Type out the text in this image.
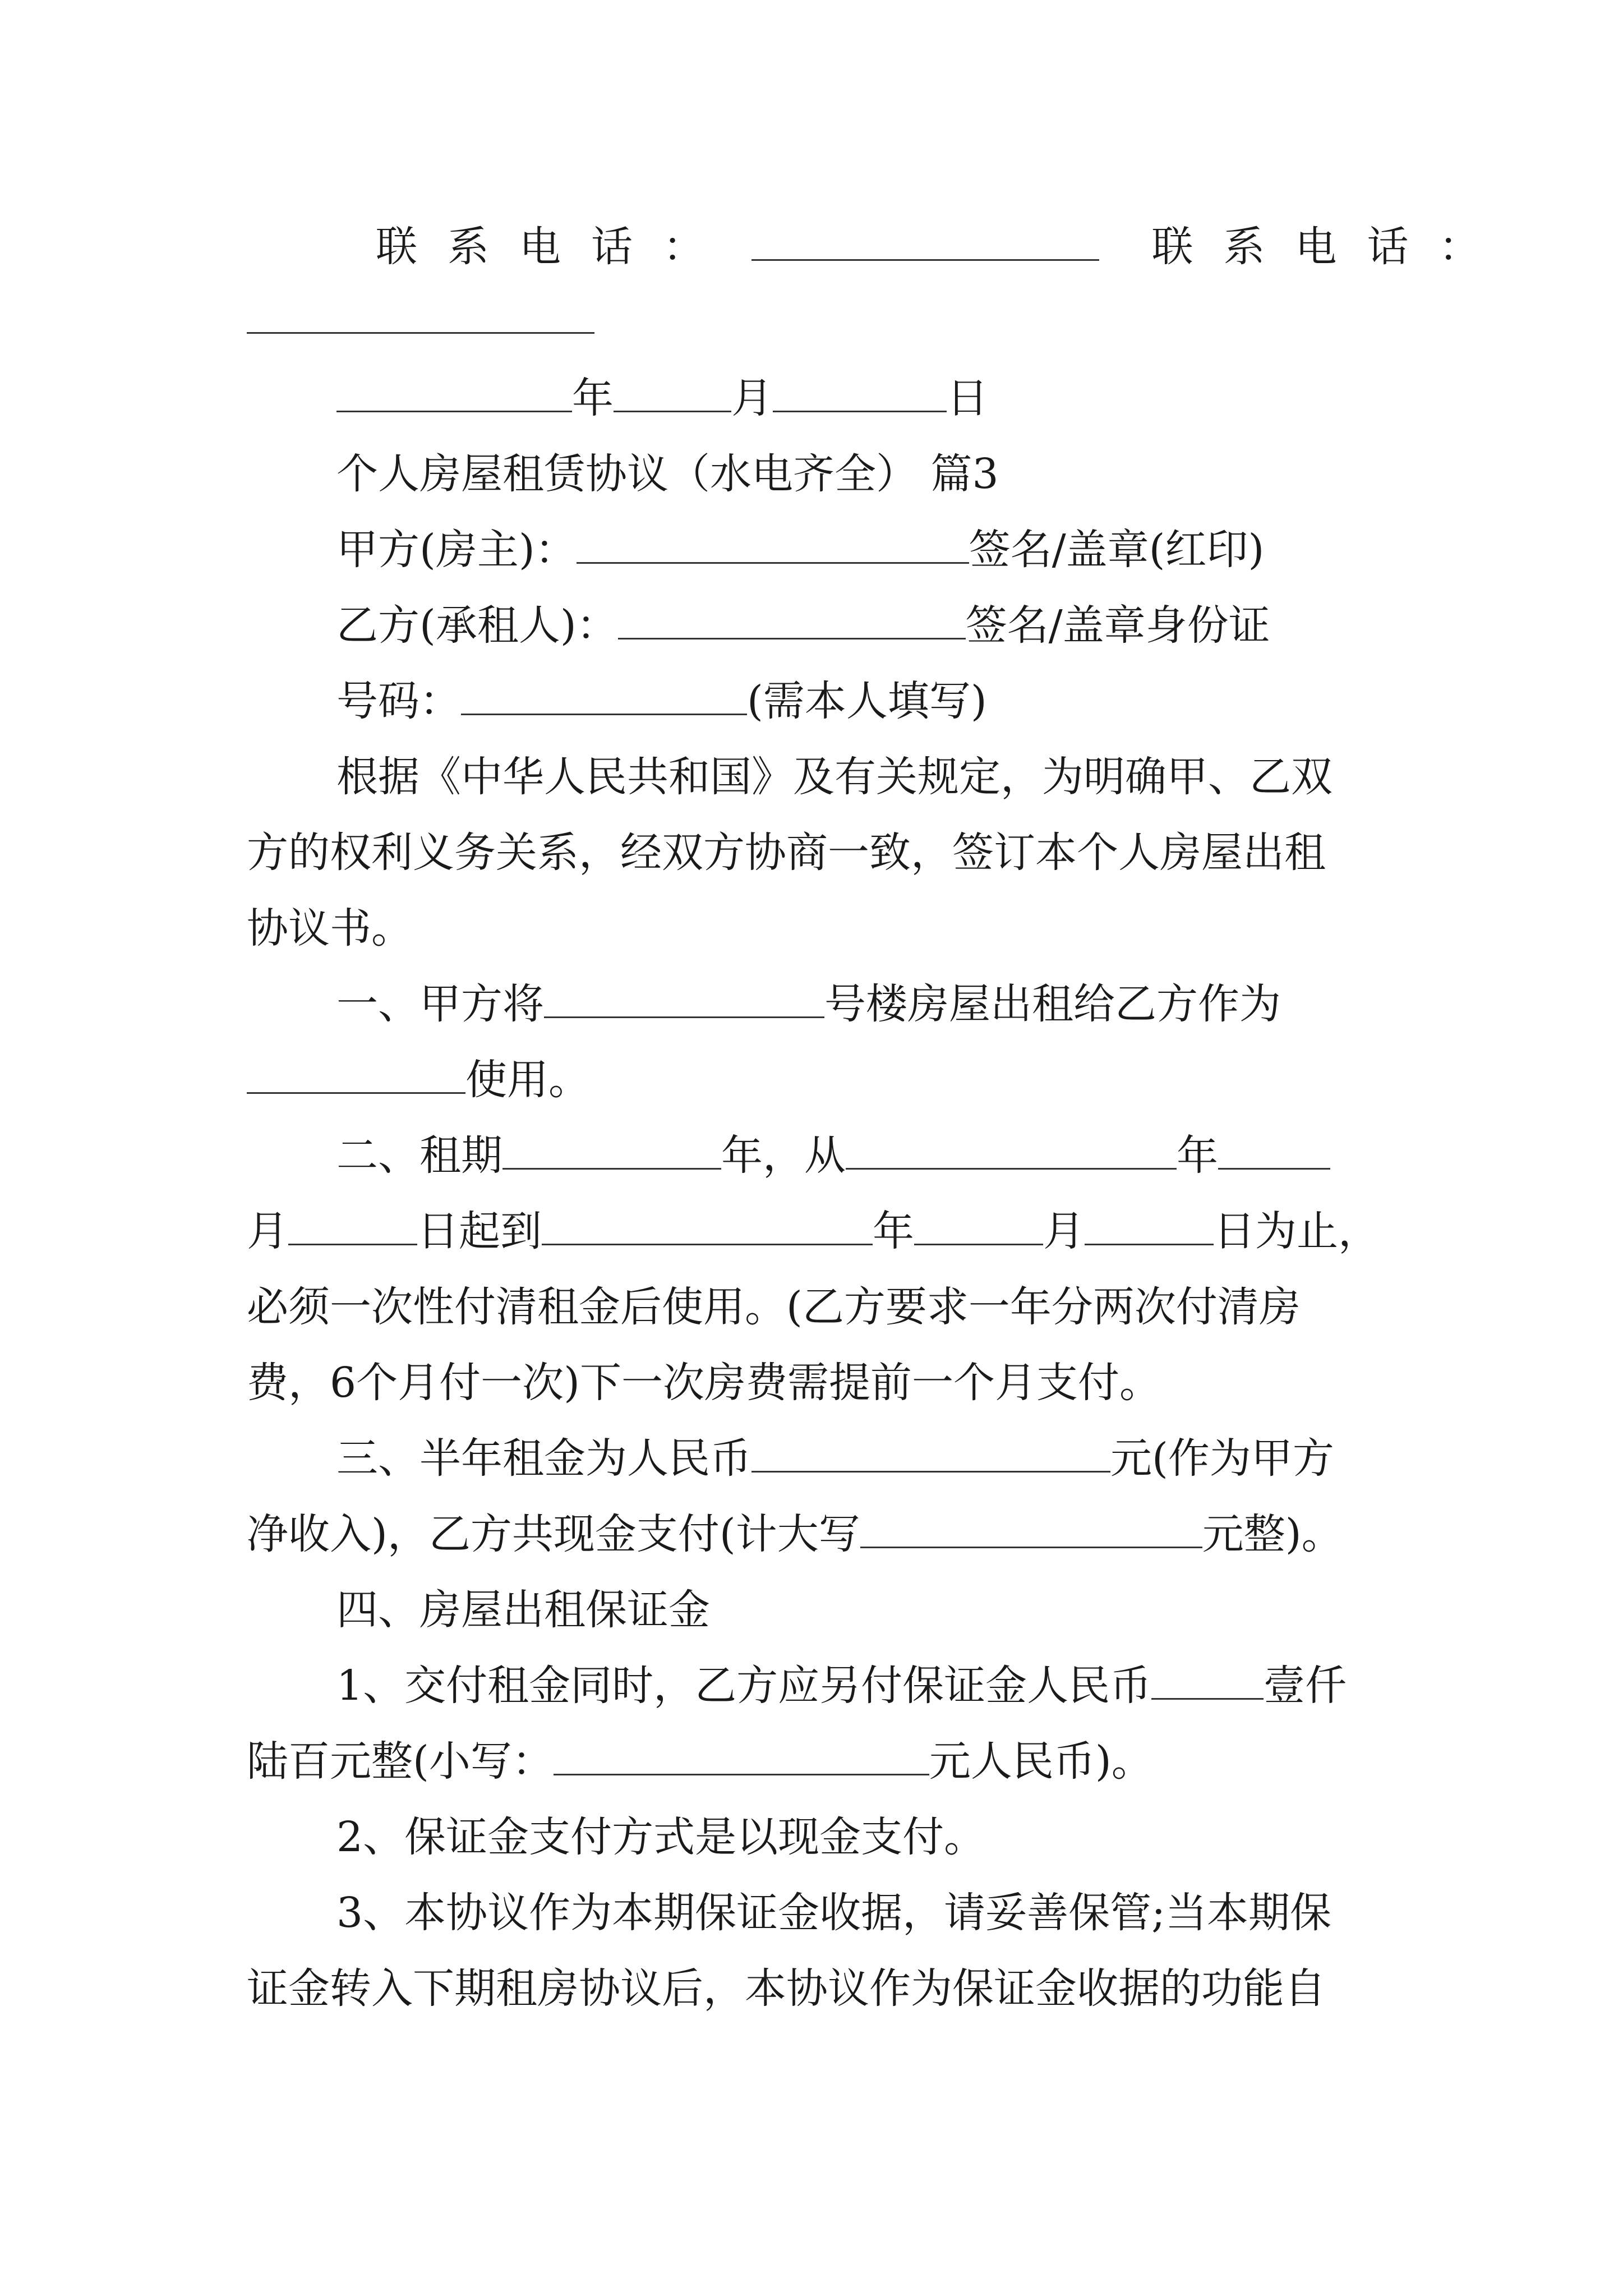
联系电话：	联系电话：
年	月	日
个人房屋租赁协议（水电齐全） 篇3
甲方(房主)：	签名/盖章(红印)
乙方(承租人)：	签名/盖章身份证
号码：	(需本人填写)
根据《中华人民共和国》及有关规定，为明确甲、乙双
方的权利义务关系，经双方协商一致，签订本个人房屋出租
协议书。
一、甲方将	号楼房屋出租给乙方作为
使用。
二、租期	年，从	年
月	日起到	年	月	日为止，
必须一次性付清租金后使用。(乙方要求一年分两次付清房
费，6个月付一次)下一次房费需提前一个月支付。
三、半年租金为人民币	元(作为甲方
净收入)，乙方共现金支付(计大写	元整)。
四、房屋出租保证金
1、交付租金同时，乙方应另付保证金人民币	壹仟
陆百元整(小写：	元人民币)。
2、保证金支付方式是以现金支付。
3、本协议作为本期保证金收据，请妥善保管;当本期保
证金转入下期租房协议后，本协议作为保证金收据的功能自
